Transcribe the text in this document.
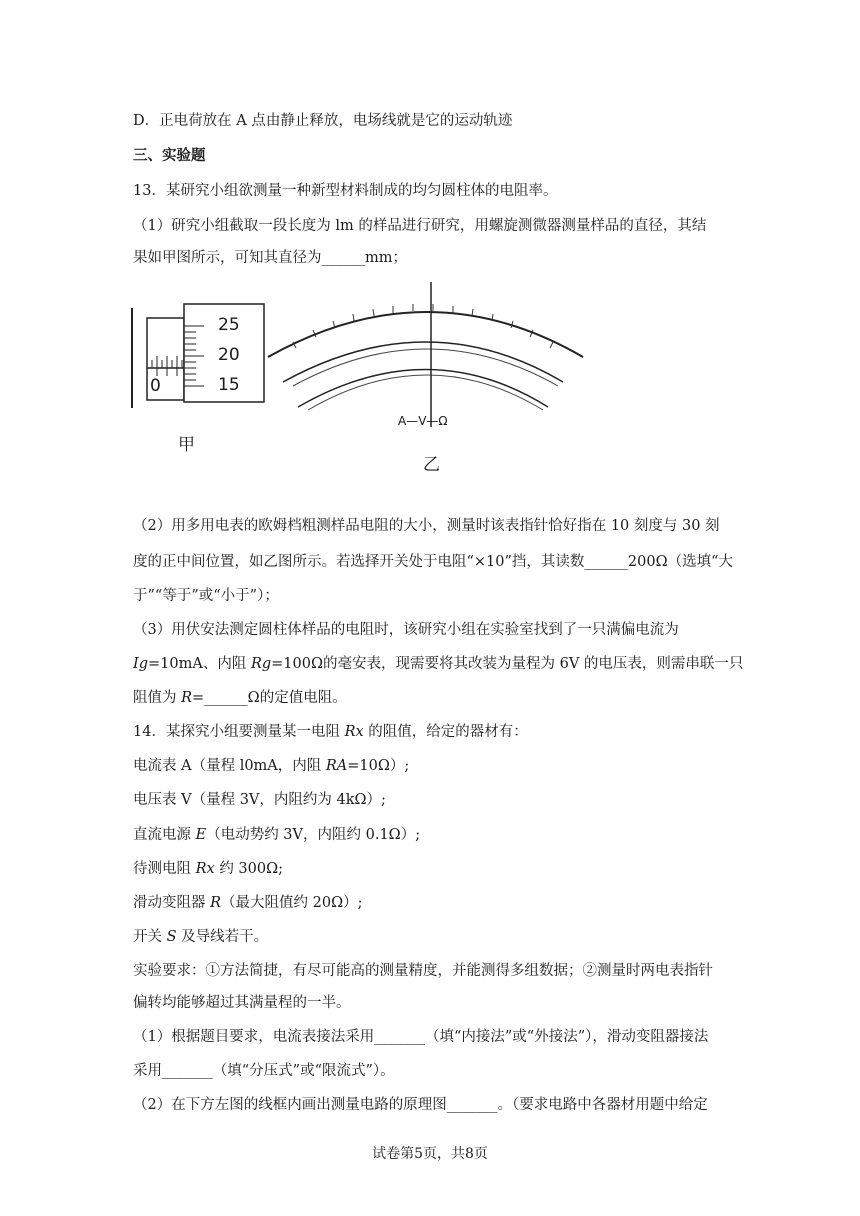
D．正电荷放在 A 点由静止释放，电场线就是它的运动轨迹
三、实验题
13．某研究小组欲测量一种新型材料制成的均匀圆柱体的电阻率。
（1）研究小组截取一段长度为 lm 的样品进行研究，用螺旋测微器测量样品的直径，其结
果如甲图所示，可知其直径为______mm；
25
20
15
0
甲
A—V—Ω
乙
（2）用多用电表的欧姆档粗测样品电阻的大小，测量时该表指针恰好指在 10 刻度与 30 刻
度的正中间位置，如乙图所示。若选择开关处于电阻“×10”挡，其读数______200Ω（选填“大
于”“等于”或“小于”）；
（3）用伏安法测定圆柱体样品的电阻时，该研究小组在实验室找到了一只满偏电流为
Ig=10mA、内阻 Rg=100Ω的毫安表，现需要将其改装为量程为 6V 的电压表，则需串联一只
阻值为 R=______Ω的定值电阻。
14．某探究小组要测量某一电阻 Rx 的阻值，给定的器材有：
电流表 A（量程 l0mA，内阻 RA=10Ω）;
电压表 V（量程 3V，内阻约为 4kΩ）;
直流电源 E（电动势约 3V，内阻约 0.1Ω）;
待测电阻 Rx 约 300Ω;
滑动变阻器 R（最大阻值约 20Ω）;
开关 S 及导线若干。
实验要求：①方法简捷，有尽可能高的测量精度，并能测得多组数据；②测量时两电表指针
偏转均能够超过其满量程的一半。
（1）根据题目要求，电流表接法采用_______（填“内接法”或“外接法”），滑动变阻器接法
采用_______（填“分压式”或“限流式”）。
（2）在下方左图的线框内画出测量电路的原理图_______。（要求电路中各器材用题中给定
试卷第5页，共8页
